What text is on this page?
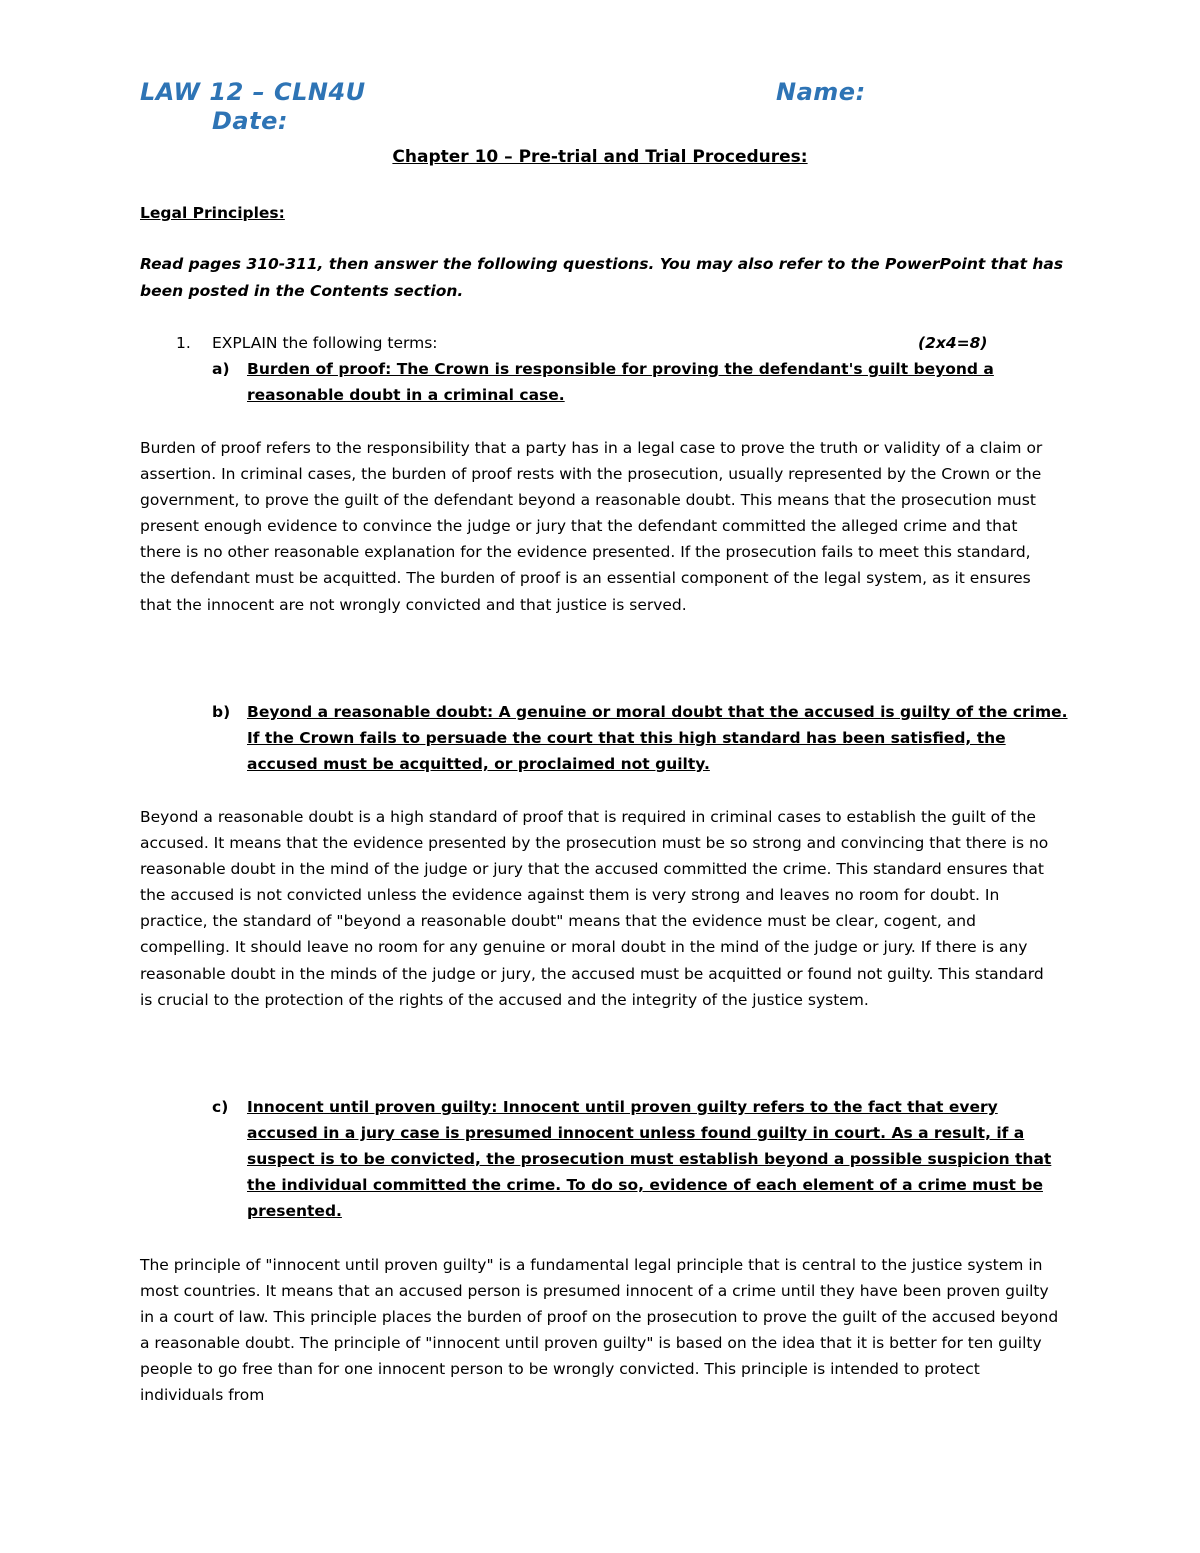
LAW 12 – CLN4U	Name:
Date:
Chapter 10 – Pre-trial and Trial Procedures:
Legal Principles:

Read pages 310-311, then answer the following questions. You may also refer to the PowerPoint that has been posted in the Contents section.

1. EXPLAIN the following terms:	(2x4=8)
a) Burden of proof: The Crown is responsible for proving the defendant's guilt beyond a reasonable doubt in a criminal case.

Burden of proof refers to the responsibility that a party has in a legal case to prove the truth or validity of a claim or assertion. In criminal cases, the burden of proof rests with the prosecution, usually represented by the Crown or the government, to prove the guilt of the defendant beyond a reasonable doubt. This means that the prosecution must present enough evidence to convince the judge or jury that the defendant committed the alleged crime and that there is no other reasonable explanation for the evidence presented. If the prosecution fails to meet this standard, the defendant must be acquitted. The burden of proof is an essential component of the legal system, as it ensures that the innocent are not wrongly convicted and that justice is served.

b) Beyond a reasonable doubt: A genuine or moral doubt that the accused is guilty of the crime. If the Crown fails to persuade the court that this high standard has been satisfied, the accused must be acquitted, or proclaimed not guilty.

Beyond a reasonable doubt is a high standard of proof that is required in criminal cases to establish the guilt of the accused. It means that the evidence presented by the prosecution must be so strong and convincing that there is no reasonable doubt in the mind of the judge or jury that the accused committed the crime. This standard ensures that the accused is not convicted unless the evidence against them is very strong and leaves no room for doubt. In practice, the standard of "beyond a reasonable doubt" means that the evidence must be clear, cogent, and compelling. It should leave no room for any genuine or moral doubt in the mind of the judge or jury. If there is any reasonable doubt in the minds of the judge or jury, the accused must be acquitted or found not guilty. This standard is crucial to the protection of the rights of the accused and the integrity of the justice system.

c) Innocent until proven guilty: Innocent until proven guilty refers to the fact that every accused in a jury case is presumed innocent unless found guilty in court. As a result, if a suspect is to be convicted, the prosecution must establish beyond a possible suspicion that the individual committed the crime. To do so, evidence of each element of a crime must be presented.

The principle of "innocent until proven guilty" is a fundamental legal principle that is central to the justice system in most countries. It means that an accused person is presumed innocent of a crime until they have been proven guilty in a court of law. This principle places the burden of proof on the prosecution to prove the guilt of the accused beyond a reasonable doubt. The principle of "innocent until proven guilty" is based on the idea that it is better for ten guilty people to go free than for one innocent person to be wrongly convicted. This principle is intended to protect individuals from
